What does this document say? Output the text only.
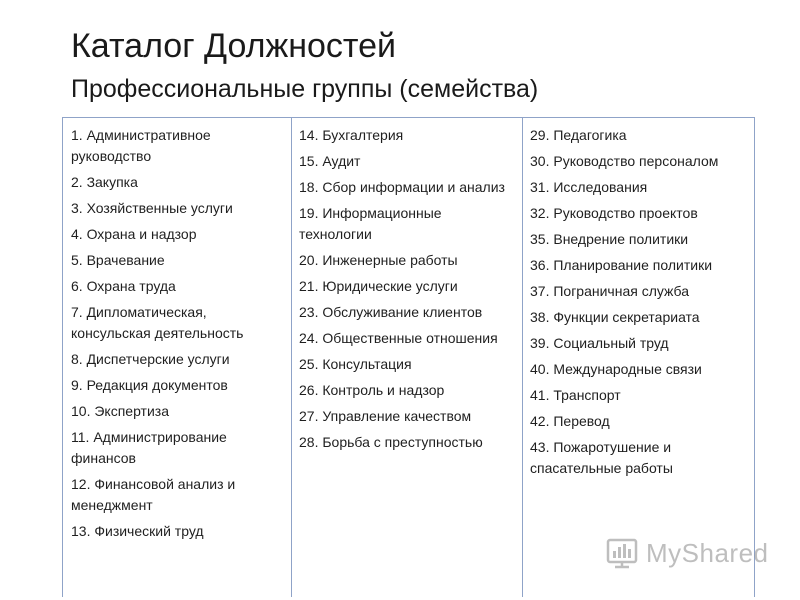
Каталог Должностей
Профессиональные группы (семейства)
1. Административное руководство
2. Закупка
3. Хозяйственные услуги
4. Охрана и надзор
5. Врачевание
6. Охрана труда
7. Дипломатическая, консульская деятельность
8. Диспетчерские услуги
9. Редакция документов
10. Экспертиза
11. Администрирование финансов
12. Финансовой анализ и менеджмент
13. Физический труд
14. Бухгалтерия
15. Аудит
18. Сбор информации и анализ
19. Информационные технологии
20. Инженерные работы
21. Юридические услуги
23. Обслуживание клиентов
24. Общественные отношения
25. Консультация
26. Контроль и надзор
27. Управление качеством
28. Борьба с преступностью
29. Педагогика
30. Руководство персоналом
31. Исследования
32. Руководство проектов
35. Внедрение политики
36. Планирование политики
37. Пограничная служба
38. Функции секретариата
39. Социальный труд
40. Международные связи
41. Транспорт
42. Перевод
43. Пожаротушение и спасательные работы
MyShared
